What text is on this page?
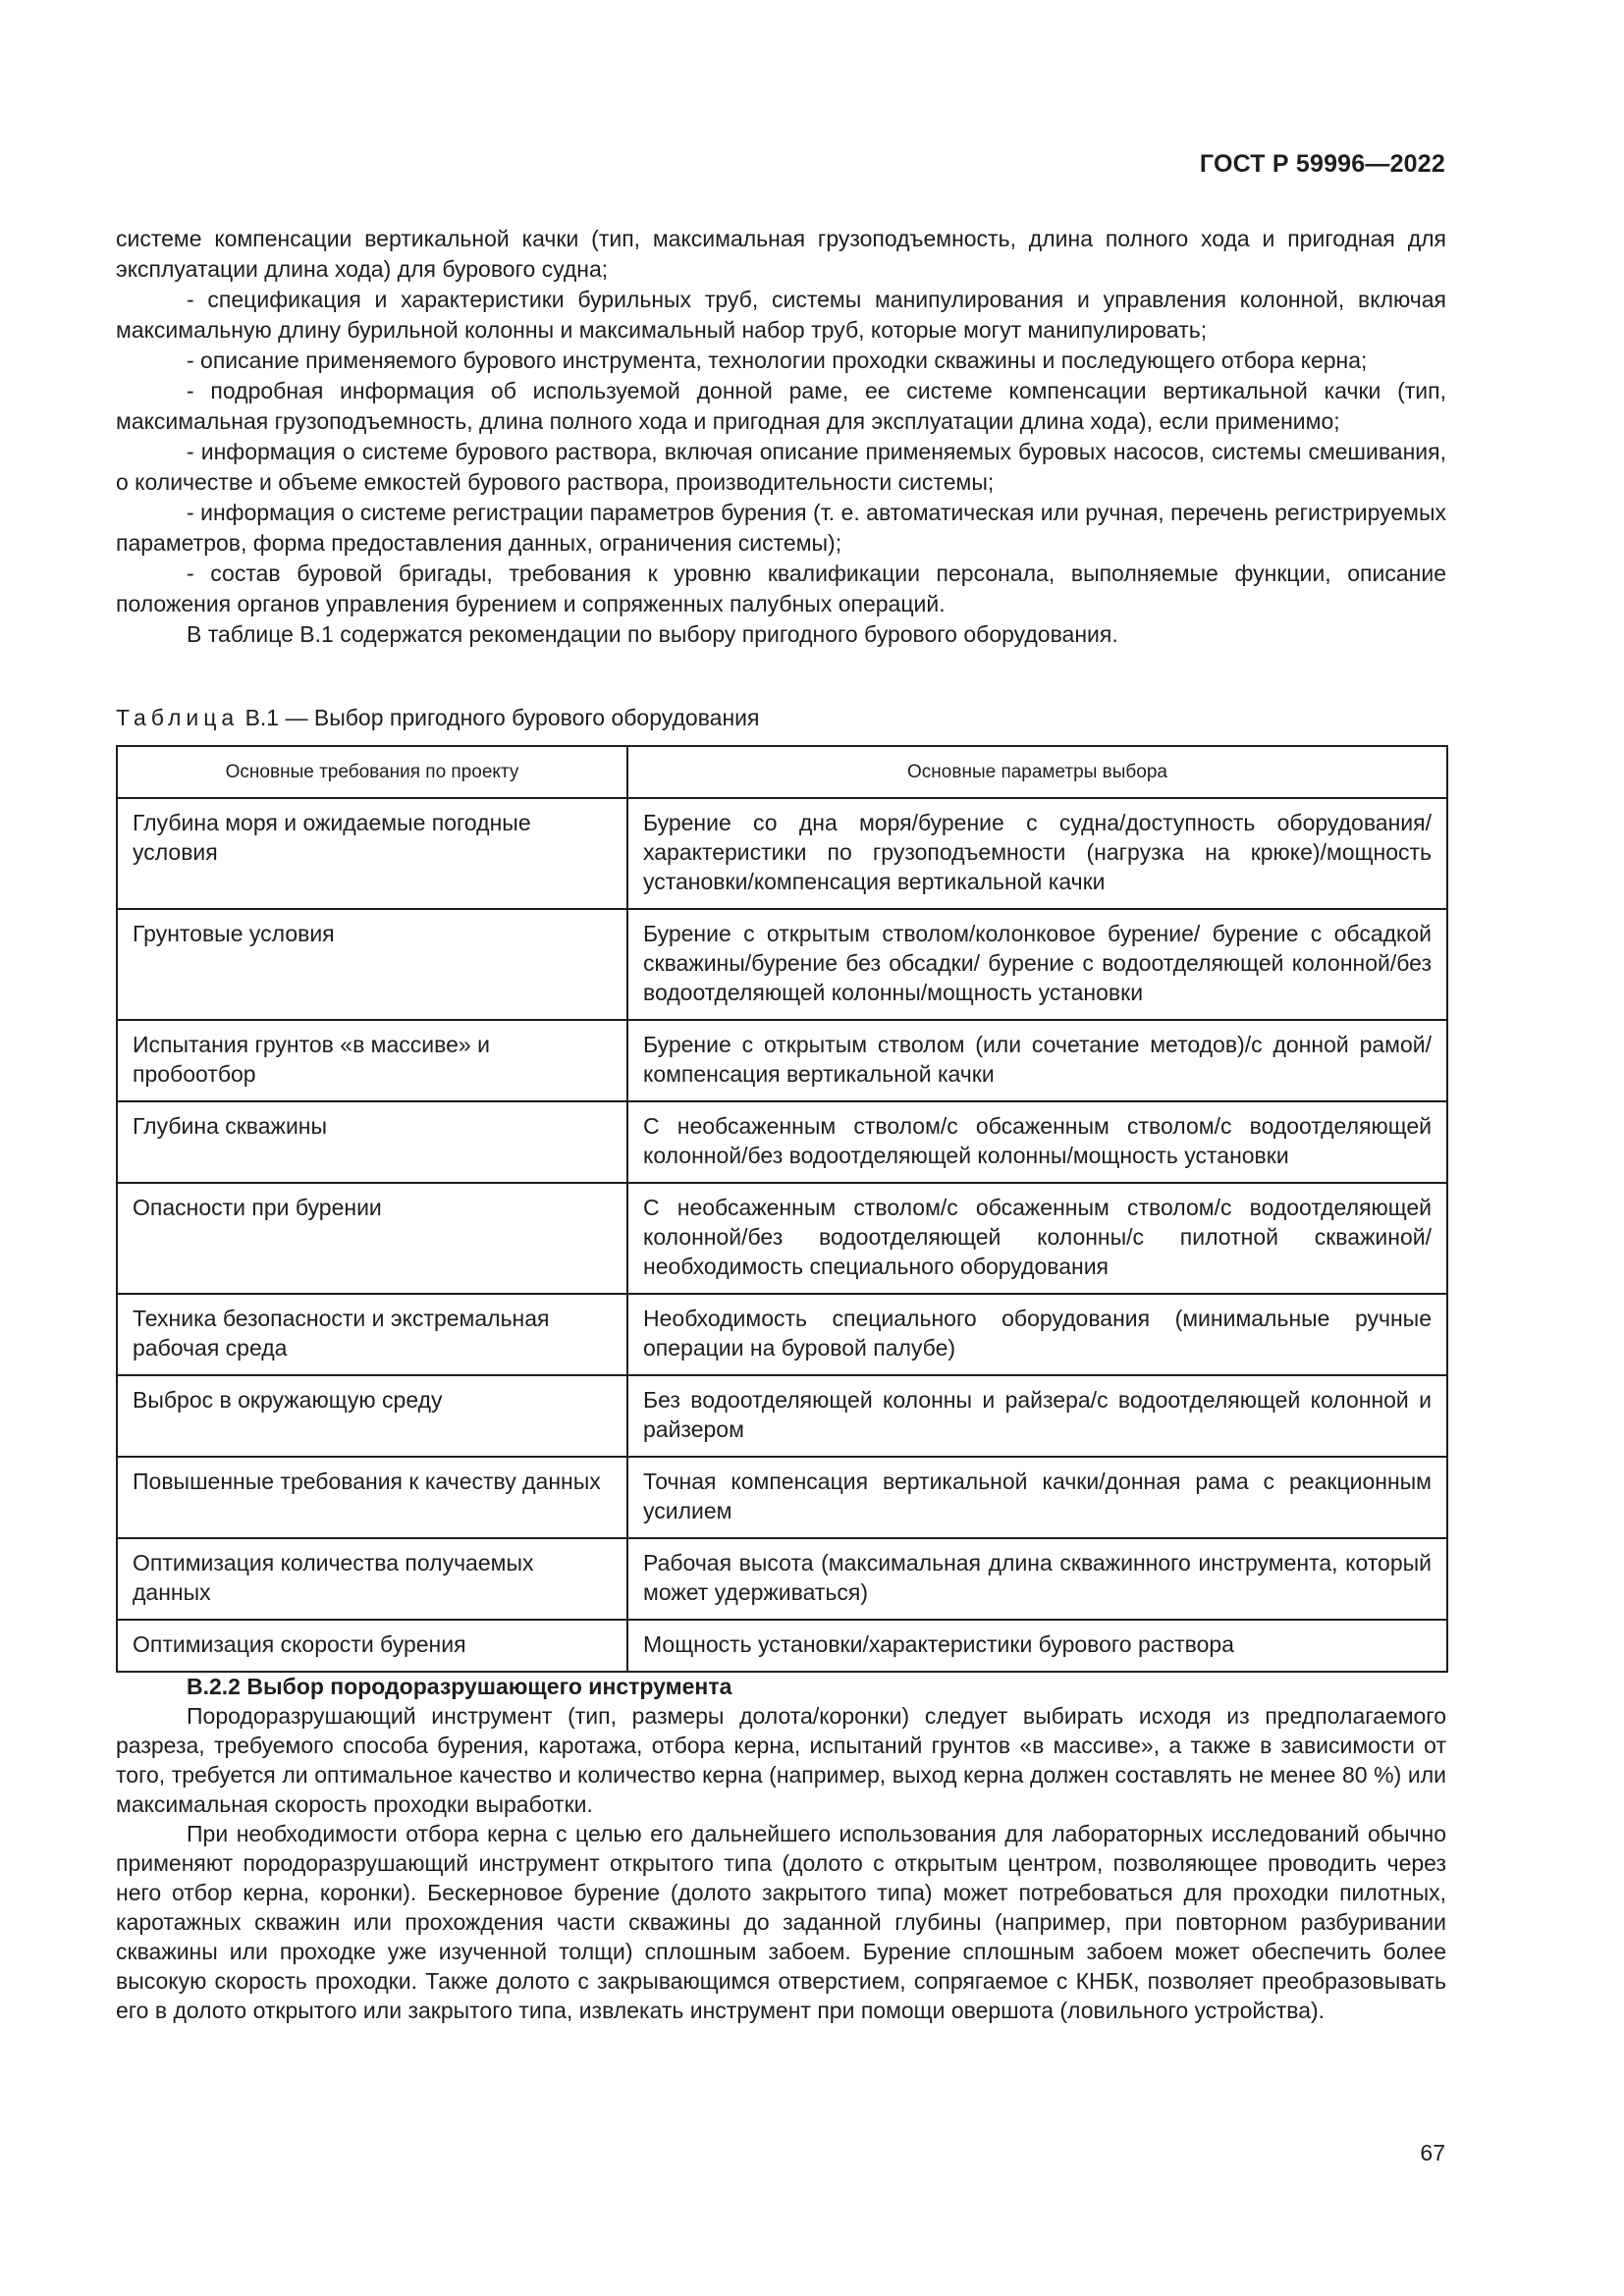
ГОСТ Р 59996—2022

системе компенсации вертикальной качки (тип, максимальная грузоподъемность, длина полного хода и пригодная для эксплуатации длина хода) для бурового судна;

- спецификация и характеристики бурильных труб, системы манипулирования и управления колонной, включая максимальную длину бурильной колонны и максимальный набор труб, которые могут манипулировать;

- описание применяемого бурового инструмента, технологии проходки скважины и последующего отбора керна;

- подробная информация об используемой донной раме, ее системе компенсации вертикальной качки (тип, максимальная грузоподъемность, длина полного хода и пригодная для эксплуатации длина хода), если применимо;

- информация о системе бурового раствора, включая описание применяемых буровых насосов, системы смешивания, о количестве и объеме емкостей бурового раствора, производительности системы;

- информация о системе регистрации параметров бурения (т. е. автоматическая или ручная, перечень регистрируемых параметров, форма предоставления данных, ограничения системы);

- состав буровой бригады, требования к уровню квалификации персонала, выполняемые функции, описание положения органов управления бурением и сопряженных палубных операций.

В таблице В.1 содержатся рекомендации по выбору пригодного бурового оборудования.

Таблица В.1 — Выбор пригодного бурового оборудования
Основные требования по проекту	Основные параметры выбора
Глубина моря и ожидаемые погодные условия	Бурение со дна моря/бурение с судна/доступность оборудования/характеристики по грузоподъемности (нагрузка на крюке)/мощность установки/компенсация вертикальной качки
Грунтовые условия	Бурение с открытым стволом/колонковое бурение/ бурение с обсадкой скважины/бурение без обсадки/ бурение с водоотделяющей колонной/без водоотделяющей колонны/мощность установки
Испытания грунтов «в массиве» и пробоотбор	Бурение с открытым стволом (или сочетание методов)/с донной рамой/ компенсация вертикальной качки
Глубина скважины	С необсаженным стволом/с обсаженным стволом/с водоотделяющей колонной/без водоотделяющей колонны/мощность установки
Опасности при бурении	С необсаженным стволом/с обсаженным стволом/с водоотделяющей колонной/без водоотделяющей колонны/с пилотной скважиной/необходимость специального оборудования
Техника безопасности и экстремальная рабочая среда	Необходимость специального оборудования (минимальные ручные операции на буровой палубе)
Выброс в окружающую среду	Без водоотделяющей колонны и райзера/с водоотделяющей колонной и райзером
Повышенные требования к качеству данных	Точная компенсация вертикальной качки/донная рама с реакционным усилием
Оптимизация количества получаемых данных	Рабочая высота (максимальная длина скважинного инструмента, который может удерживаться)
Оптимизация скорости бурения	Мощность установки/характеристики бурового раствора

В.2.2 Выбор породоразрушающего инструмента

Породоразрушающий инструмент (тип, размеры долота/коронки) следует выбирать исходя из предполагаемого разреза, требуемого способа бурения, каротажа, отбора керна, испытаний грунтов «в массиве», а также в зависимости от того, требуется ли оптимальное качество и количество керна (например, выход керна должен составлять не менее 80 %) или максимальная скорость проходки выработки.

При необходимости отбора керна с целью его дальнейшего использования для лабораторных исследований обычно применяют породоразрушающий инструмент открытого типа (долото с открытым центром, позволяющее проводить через него отбор керна, коронки). Бескерновое бурение (долото закрытого типа) может потребоваться для проходки пилотных, каротажных скважин или прохождения части скважины до заданной глубины (например, при повторном разбуривании скважины или проходке уже изученной толщи) сплошным забоем. Бурение сплошным забоем может обеспечить более высокую скорость проходки. Также долото с закрывающимся отверстием, сопрягаемое с КНБК, позволяет преобразовывать его в долото открытого или закрытого типа, извлекать инструмент при помощи овершота (ловильного устройства).

67
